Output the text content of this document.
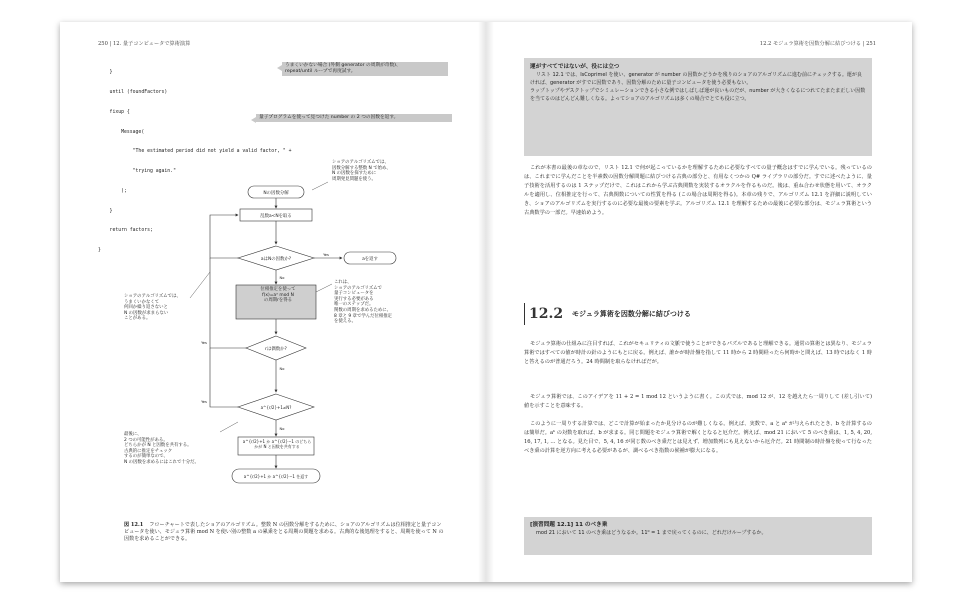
250 | 12. 量子コンピュータで算術演算

}

until (foundFactors)

fixup {

Message(

"The estimated period did not yield a valid factor, " +

"trying again."

);

}

return factors;

}

うまくいかない場合 (外側 generator の周期が奇数)、
repeat/until ループで再度試す。
量子プログラムを使って見つけた number の 2 つの因数を返す。
Nの因数分解
乱数a<Nを取る
aはNの因数か?
Yes
aを返す
No
rは偶数か?
No
Yes
a^{r/2}+1≠N?
No
Yes
a^{r/2}+1 か a^{r/2}−1 を返す
位相推定を使って
f(x)=aˣ mod N
の周期rを得る
a^{r/2}+1 か a^{r/2}−1 のどちら
かが N と因数を共有する
ショアのアルゴリズムでは、
因数分解する整数 N で始め、
N の因数を探すために
周期発見問題を使う。
ショアのアルゴリズムでは、
うまくいかなくて
何回か繰り返さないと
N の因数が求まらない
ことがある。
これは、
ショアのアルゴリズムで
量子コンピュータを
実行する必要がある
唯一のステップだ。
関数の周期を求めるために、
8 章と 9 章で学んだ位相推定
を使える。
最後に、
2 つの可能性がある。
どちらかが N と因数を共有する。
古典的に推定をチェック
するのが簡単なので、
N の因数を求めるにはこれで十分だ。
図 12.1 フローチャートで表したショアのアルゴリズム。整数 N の因数分解をするために、ショアのアルゴリズムは位相推定と量子コンピュータを使い、モジュラ算術 mod N を使い別の整数 a の累乗をとる周期の問題を求める。古典的な後処理をすると、周期を使って N の因数を求めることができる。
12.2 モジュラ算術を因数分解に結びつける | 251
運がすべてではないが、役には立つ
リスト 12.1 では、IsCoprimeI を使い、generator が number の因数かどうかを残りのショアのアルゴリズムに進む前にチェックする。運が良ければ、generator がすでに因数であり、因数分解のために量子コンピュータを使う必要もない。
ラップトップやデスクトップでシミュレーションできる小さな例ではしばしば運が良いものだが、number が大きくなるにつれてたまたま正しい因数を当てるのはどんどん難しくなる。よってショアのアルゴリズムは多くの場合でとても役に立つ。
これが本書の最後の章なので、リスト 12.1 で何が起こっているかを理解するために必要なすべての量子概念はすでに学んでいる。残っているのは、これまでに学んだことを半素数の因数分解問題に結びつける古典の部分と、有用なくつかの Q# ライブラリの部分だ。すでに述べたように、量子技術を活用するのは 1 ステップだけで、これはこれから学ぶ古典関数を実装するオラクルを作るものだ。後は、重ね合わせ状態を用いて、オラクルを適用し、位相推定を行って、古典関数についての性質を得る (この場合は周期を得る)。本章の残りで、アルゴリズム 12.1 を詳細に説明していき、ショアのアルゴリズムを実行するのに必要な最後の要素を学ぶ。アルゴリズム 12.1 を理解するための最後に必要な部分は、モジュラ算術という古典数学の一部だ。早速始めよう。
12.2 モジュラ算術を因数分解に結びつける
モジュラ算術の仕組みに注目すれば、これがセキュリティの文脈で使うことができるパズルであると理解できる。通常の算術とは異なり、モジュラ算術ではすべての値が時計の針のようにもとに戻る。例えば、誰かが時計盤を指して 11 時から 2 時間経ったら何時かと問えば、13 時ではなく 1 時と答えるのが普通だろう。24 時間制を取らなければだが。
モジュラ算術では、このアイデアを 11 + 2 = 1 mod 12 というように書く。この式では、mod 12 が、12 を越えたら一周りして (差し引いて) 値を示すことを意味する。
このように一周りする計算では、どこで計算が始まったか見分けるのが難しくなる。例えば、実数で、a と aᵇ が与えられたとき、b を計算するのは簡単だ。aᵇ の対数を取れば、b が求まる。同じ問題をモジュラ算術で解くとなると厄介だ。例えば、mod 21 において 5 のべき乗は、1, 5, 4, 20, 16, 17, 1, ... となる。見た目で、5, 4, 16 が同じ数のべき乗だとは見えず、増加数列にも見えないから厄介だ。21 時間制の時計盤を使って行なったべき乗の計算を逆方向に考える必要があるが、調べるべき指数の候補が膨大になる。
[演習問題 12.1] 11 のべき乗
mod 21 において 11 のべき乗はどうなるか。11⁰ = 1 まで戻ってくるのに、どれだけループするか。
